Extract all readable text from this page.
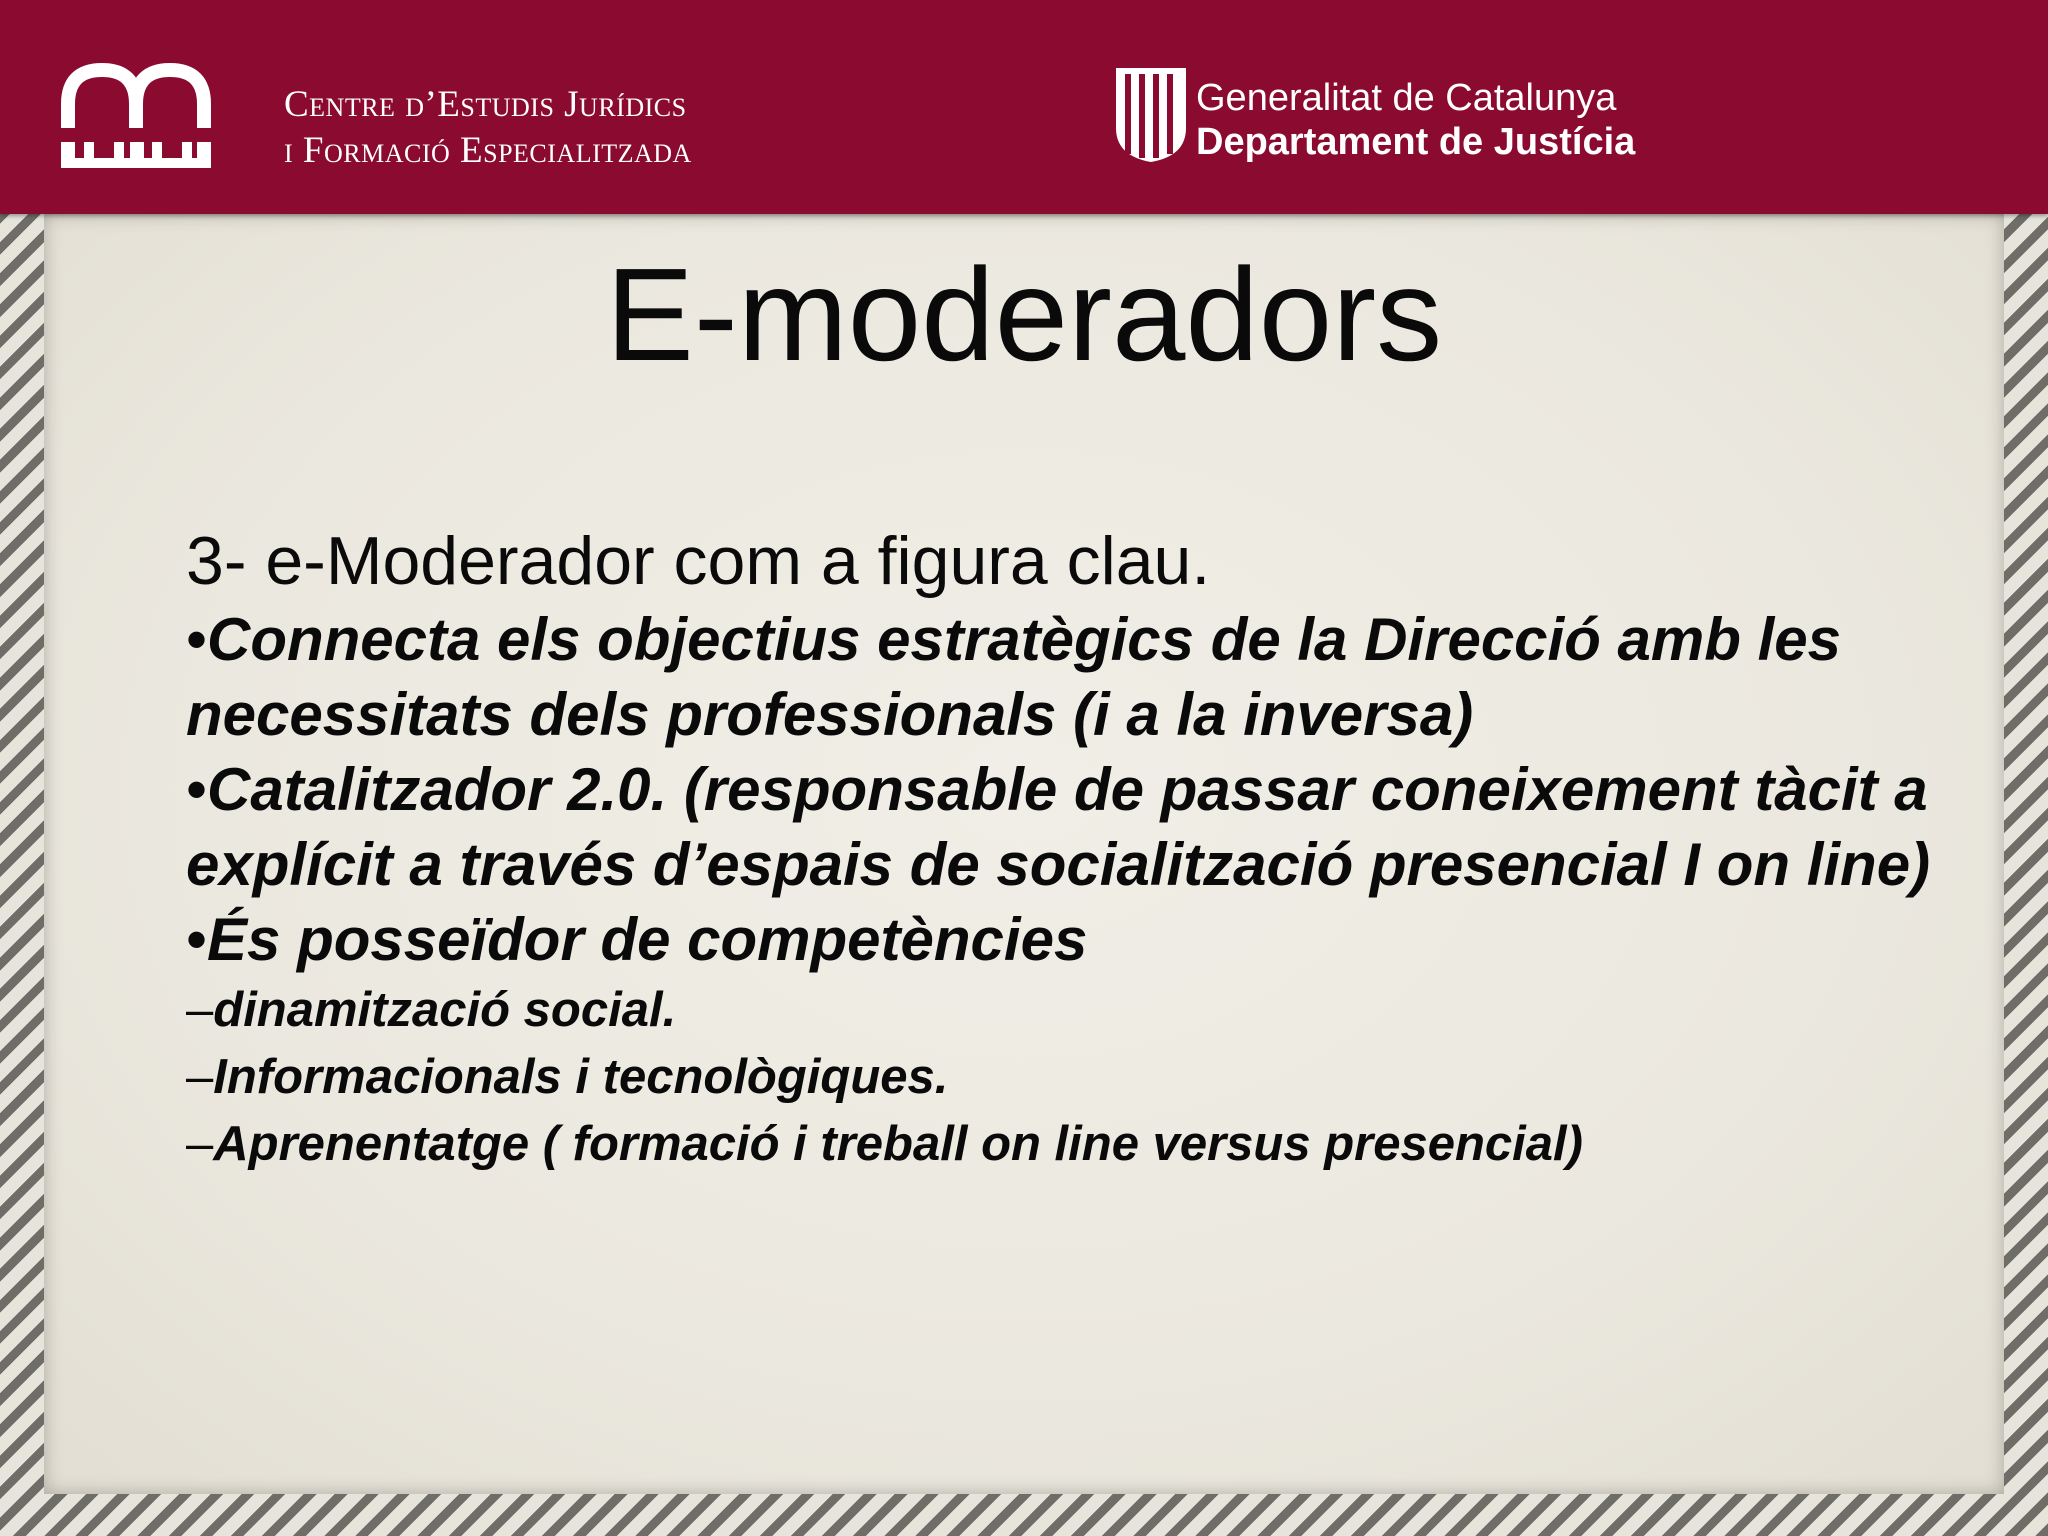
Centre d’Estudis Jurídics
i Formació Especialitzada
Generalitat de Catalunya
Departament de Justícia
E-moderadors
3- e-Moderador com a figura clau.
•Connecta els objectius estratègics de la Direcció amb les necessitats dels professionals (i a la inversa)
•Catalitzador 2.0. (responsable de passar coneixement tàcit a explícit a través d’espais de socialització presencial I on line)
•És posseïdor de competències
–dinamització social.
–Informacionals i tecnològiques.
–Aprenentatge ( formació i treball on line versus presencial)
